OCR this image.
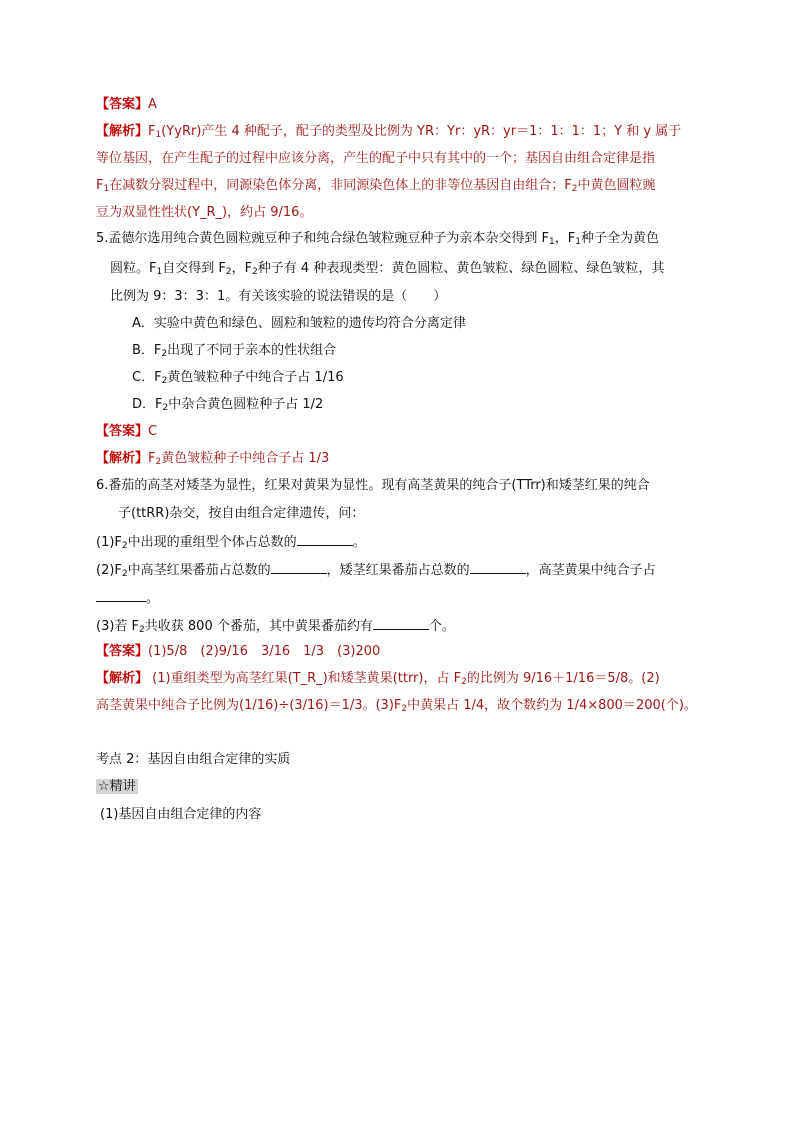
【答案】A
【解析】$F_1(YyRr)$产生 4 种配子，配子的类型及比例为 YR：Yr：yR：yr＝1：1：1：1；Y 和 y 属于
等位基因，在产生配子的过程中应该分离，产生的配子中只有其中的一个；基因自由组合定律是指
$F_1$在减数分裂过程中，同源染色体分离，非同源染色体上的非等位基因自由组合；$F_2$中黄色圆粒豌
豆为双显性性状(Y_R_)，约占 9/16。
5.孟德尔选用纯合黄色圆粒豌豆种子和纯合绿色皱粒豌豆种子为亲本杂交得到 $F_1$，$F_1$种子全为黄色
圆粒。$F_1$自交得到 $F_2$，$F_2$种子有 4 种表现类型：黄色圆粒、黄色皱粒、绿色圆粒、绿色皱粒，其
比例为 9：3：3：1。有关该实验的说法错误的是（　　）
A．实验中黄色和绿色、圆粒和皱粒的遗传均符合分离定律
B．$F_2$出现了不同于亲本的性状组合
C．$F_2$黄色皱粒种子中纯合子占 1/16
D．$F_2$中杂合黄色圆粒种子占 1/2
【答案】C
【解析】$F_2$黄色皱粒种子中纯合子占 1/3
6.番茄的高茎对矮茎为显性，红果对黄果为显性。现有高茎黄果的纯合子(TTrr)和矮茎红果的纯合
子(ttRR)杂交，按自由组合定律遗传，问：
$(1)F_2$中出现的重组型个体占总数的	。
$(2)F_2$中高茎红果番茄占总数的	，矮茎红果番茄占总数的	，高茎黄果中纯合子占
。
(3)若 $F_2$共收获 800 个番茄，其中黄果番茄约有	个。
【答案】(1)5/8　(2)9/16　3/16　1/3　(3)200
【解析】 (1)重组类型为高茎红果(T_R_)和矮茎黄果(ttrr)，占 $F_2$的比例为 9/16＋1/16＝5/8。(2)
高茎黄果中纯合子比例为(1/16)÷(3/16)＝1/3。$(3)F_2$中黄果占 1/4，故个数约为 1/4×800＝200(个)。
考点 2：基因自由组合定律的实质
☆精讲
(1)基因自由组合定律的内容
